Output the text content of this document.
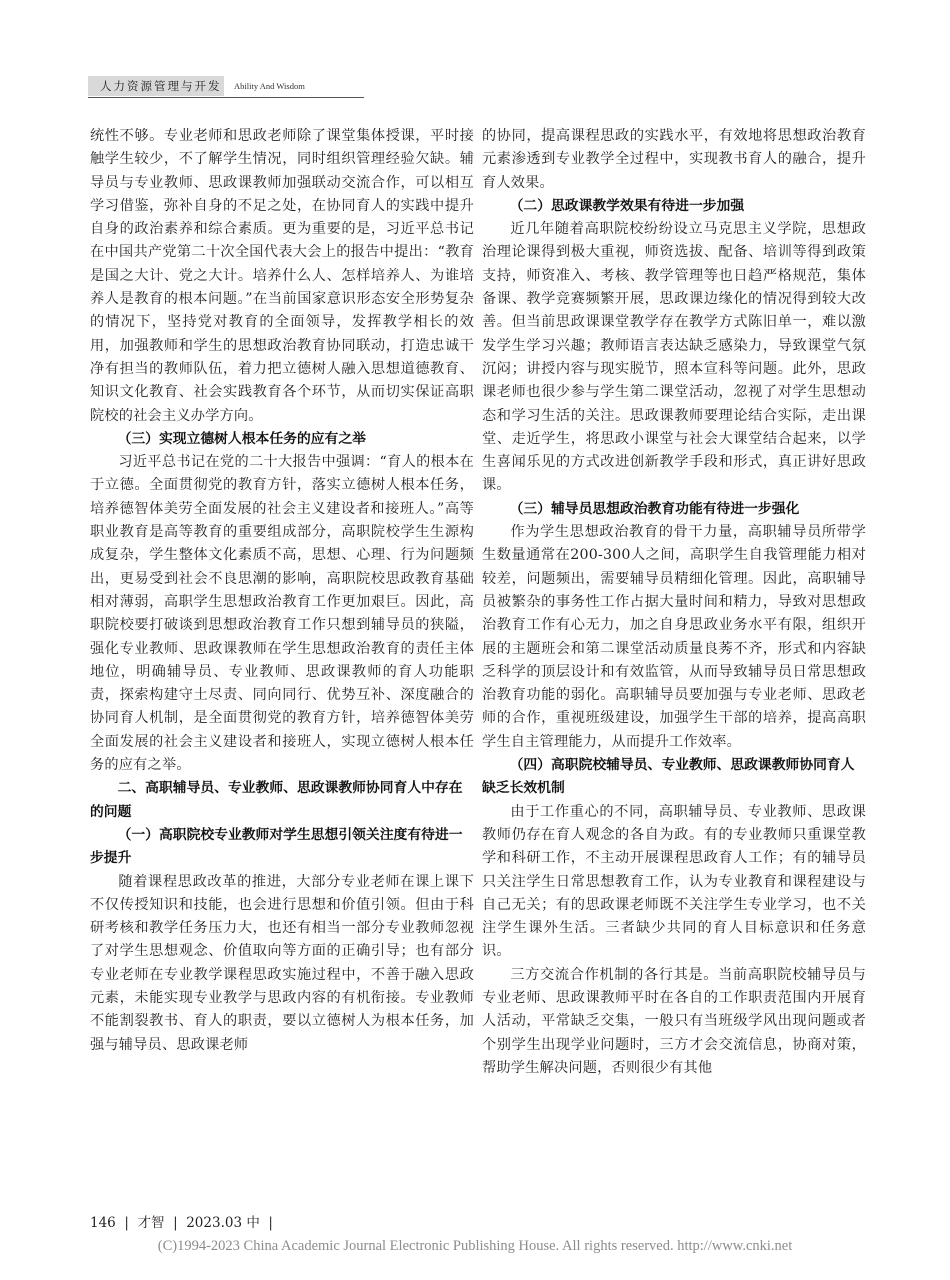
人力资源管理与开发 Ability And Wisdom

统性不够。专业老师和思政老师除了课堂集体授课，平时接触学生较少，不了解学生情况，同时组织管理经验欠缺。辅导员与专业教师、思政课教师加强联动交流合作，可以相互学习借鉴，弥补自身的不足之处，在协同育人的实践中提升自身的政治素养和综合素质。更为重要的是，习近平总书记在中国共产党第二十次全国代表大会上的报告中提出：“教育是国之大计、党之大计。培养什么人、怎样培养人、为谁培养人是教育的根本问题。”在当前国家意识形态安全形势复杂的情况下，坚持党对教育的全面领导，发挥教学相长的效用，加强教师和学生的思想政治教育协同联动，打造忠诚干净有担当的教师队伍，着力把立德树人融入思想道德教育、知识文化教育、社会实践教育各个环节，从而切实保证高职院校的社会主义办学方向。

（三）实现立德树人根本任务的应有之举

习近平总书记在党的二十大报告中强调：“育人的根本在于立德。全面贯彻党的教育方针，落实立德树人根本任务，培养德智体美劳全面发展的社会主义建设者和接班人。”高等职业教育是高等教育的重要组成部分，高职院校学生生源构成复杂，学生整体文化素质不高，思想、心理、行为问题频出，更易受到社会不良思潮的影响，高职院校思政教育基础相对薄弱，高职学生思想政治教育工作更加艰巨。因此，高职院校要打破谈到思想政治教育工作只想到辅导员的狭隘，强化专业教师、思政课教师在学生思想政治教育的责任主体地位，明确辅导员、专业教师、思政课教师的育人功能职责，探索构建守土尽责、同向同行、优势互补、深度融合的协同育人机制，是全面贯彻党的教育方针，培养德智体美劳全面发展的社会主义建设者和接班人，实现立德树人根本任务的应有之举。

二、高职辅导员、专业教师、思政课教师协同育人中存在的问题
（一）高职院校专业教师对学生思想引领关注度有待进一步提升

随着课程思政改革的推进，大部分专业老师在课上课下不仅传授知识和技能，也会进行思想和价值引领。但由于科研考核和教学任务压力大，也还有相当一部分专业教师忽视了对学生思想观念、价值取向等方面的正确引导；也有部分专业老师在专业教学课程思政实施过程中，不善于融入思政元素，未能实现专业教学与思政内容的有机衔接。专业教师不能割裂教书、育人的职责，要以立德树人为根本任务，加强与辅导员、思政课老师

的协同，提高课程思政的实践水平，有效地将思想政治教育元素渗透到专业教学全过程中，实现教书育人的融合，提升育人效果。

（二）思政课教学效果有待进一步加强

近几年随着高职院校纷纷设立马克思主义学院，思想政治理论课得到极大重视，师资选拔、配备、培训等得到政策支持，师资准入、考核、教学管理等也日趋严格规范，集体备课、教学竞赛频繁开展，思政课边缘化的情况得到较大改善。但当前思政课课堂教学存在教学方式陈旧单一，难以激发学生学习兴趣；教师语言表达缺乏感染力，导致课堂气氛沉闷；讲授内容与现实脱节，照本宣科等问题。此外，思政课老师也很少参与学生第二课堂活动，忽视了对学生思想动态和学习生活的关注。思政课教师要理论结合实际，走出课堂、走近学生，将思政小课堂与社会大课堂结合起来，以学生喜闻乐见的方式改进创新教学手段和形式，真正讲好思政课。

（三）辅导员思想政治教育功能有待进一步强化

作为学生思想政治教育的骨干力量，高职辅导员所带学生数量通常在200-300人之间，高职学生自我管理能力相对较差，问题频出，需要辅导员精细化管理。因此，高职辅导员被繁杂的事务性工作占据大量时间和精力，导致对思想政治教育工作有心无力，加之自身思政业务水平有限，组织开展的主题班会和第二课堂活动质量良莠不齐，形式和内容缺乏科学的顶层设计和有效监管，从而导致辅导员日常思想政治教育功能的弱化。高职辅导员要加强与专业老师、思政老师的合作，重视班级建设，加强学生干部的培养，提高高职学生自主管理能力，从而提升工作效率。

（四）高职院校辅导员、专业教师、思政课教师协同育人缺乏长效机制

由于工作重心的不同，高职辅导员、专业教师、思政课教师仍存在育人观念的各自为政。有的专业教师只重课堂教学和科研工作，不主动开展课程思政育人工作；有的辅导员只关注学生日常思想教育工作，认为专业教育和课程建设与自己无关；有的思政课老师既不关注学生专业学习，也不关注学生课外生活。三者缺少共同的育人目标意识和任务意识。

三方交流合作机制的各行其是。当前高职院校辅导员与专业老师、思政课教师平时在各自的工作职责范围内开展育人活动，平常缺乏交集，一般只有当班级学风出现问题或者个别学生出现学业问题时，三方才会交流信息，协商对策，帮助学生解决问题，否则很少有其他

146  |  才智  |  2023.03 中  |
(C)1994-2023 China Academic Journal Electronic Publishing House. All rights reserved. http://www.cnki.net
